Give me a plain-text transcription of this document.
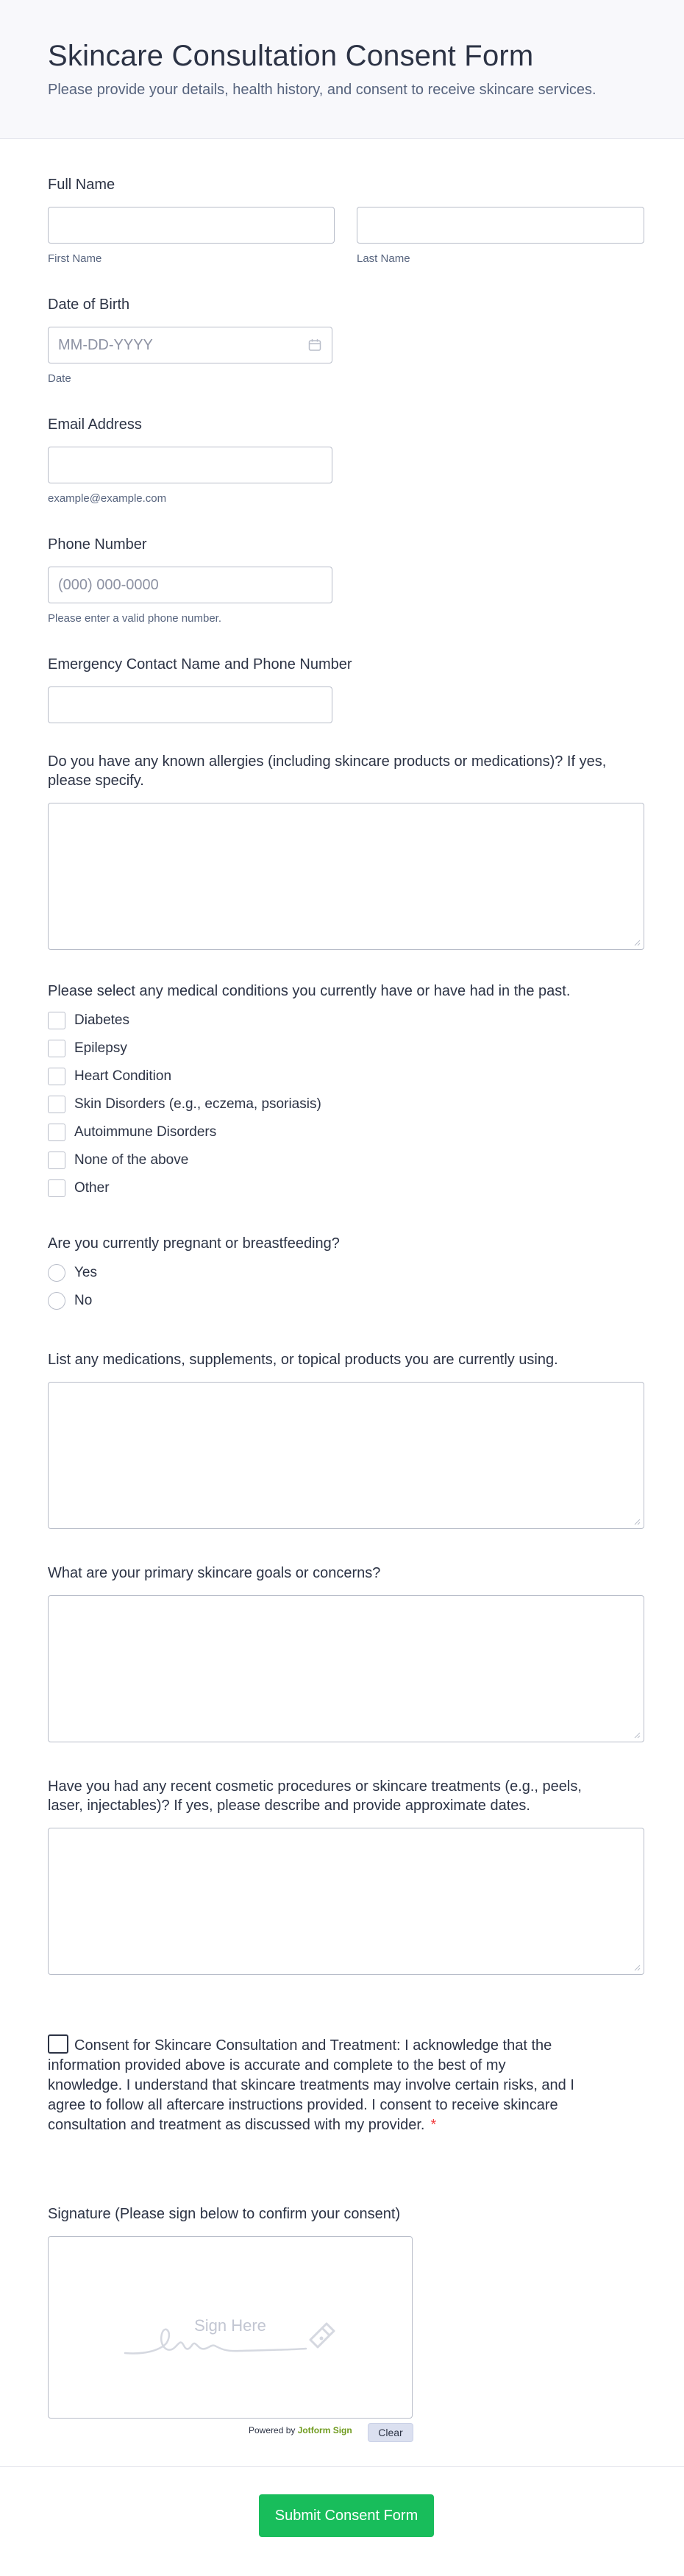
Skincare Consultation Consent Form

Please provide your details, health history, and consent to receive skincare services.

Full Name
First Name	Last Name
Date of Birth
MM-DD-YYYY
Date
Email Address
example@example.com
Phone Number
(000) 000-0000
Please enter a valid phone number.
Emergency Contact Name and Phone Number
Do you have any known allergies (including skincare products or medications)? If yes,
please specify.
Please select any medical conditions you currently have or have had in the past.
Diabetes
Epilepsy
Heart Condition
Skin Disorders (e.g., eczema, psoriasis)
Autoimmune Disorders
None of the above
Other
Are you currently pregnant or breastfeeding?
Yes
No
List any medications, supplements, or topical products you are currently using.
What are your primary skincare goals or concerns?
Have you had any recent cosmetic procedures or skincare treatments (e.g., peels,
laser, injectables)? If yes, please describe and provide approximate dates.
Consent for Skincare Consultation and Treatment: I acknowledge that the information provided above is accurate and complete to the best of my knowledge. I understand that skincare treatments may involve certain risks, and I agree to follow all aftercare instructions provided. I consent to receive skincare consultation and treatment as discussed with my provider. *
Signature (Please sign below to confirm your consent)
Sign Here
Powered by Jotform Sign	Clear
Submit Consent Form
